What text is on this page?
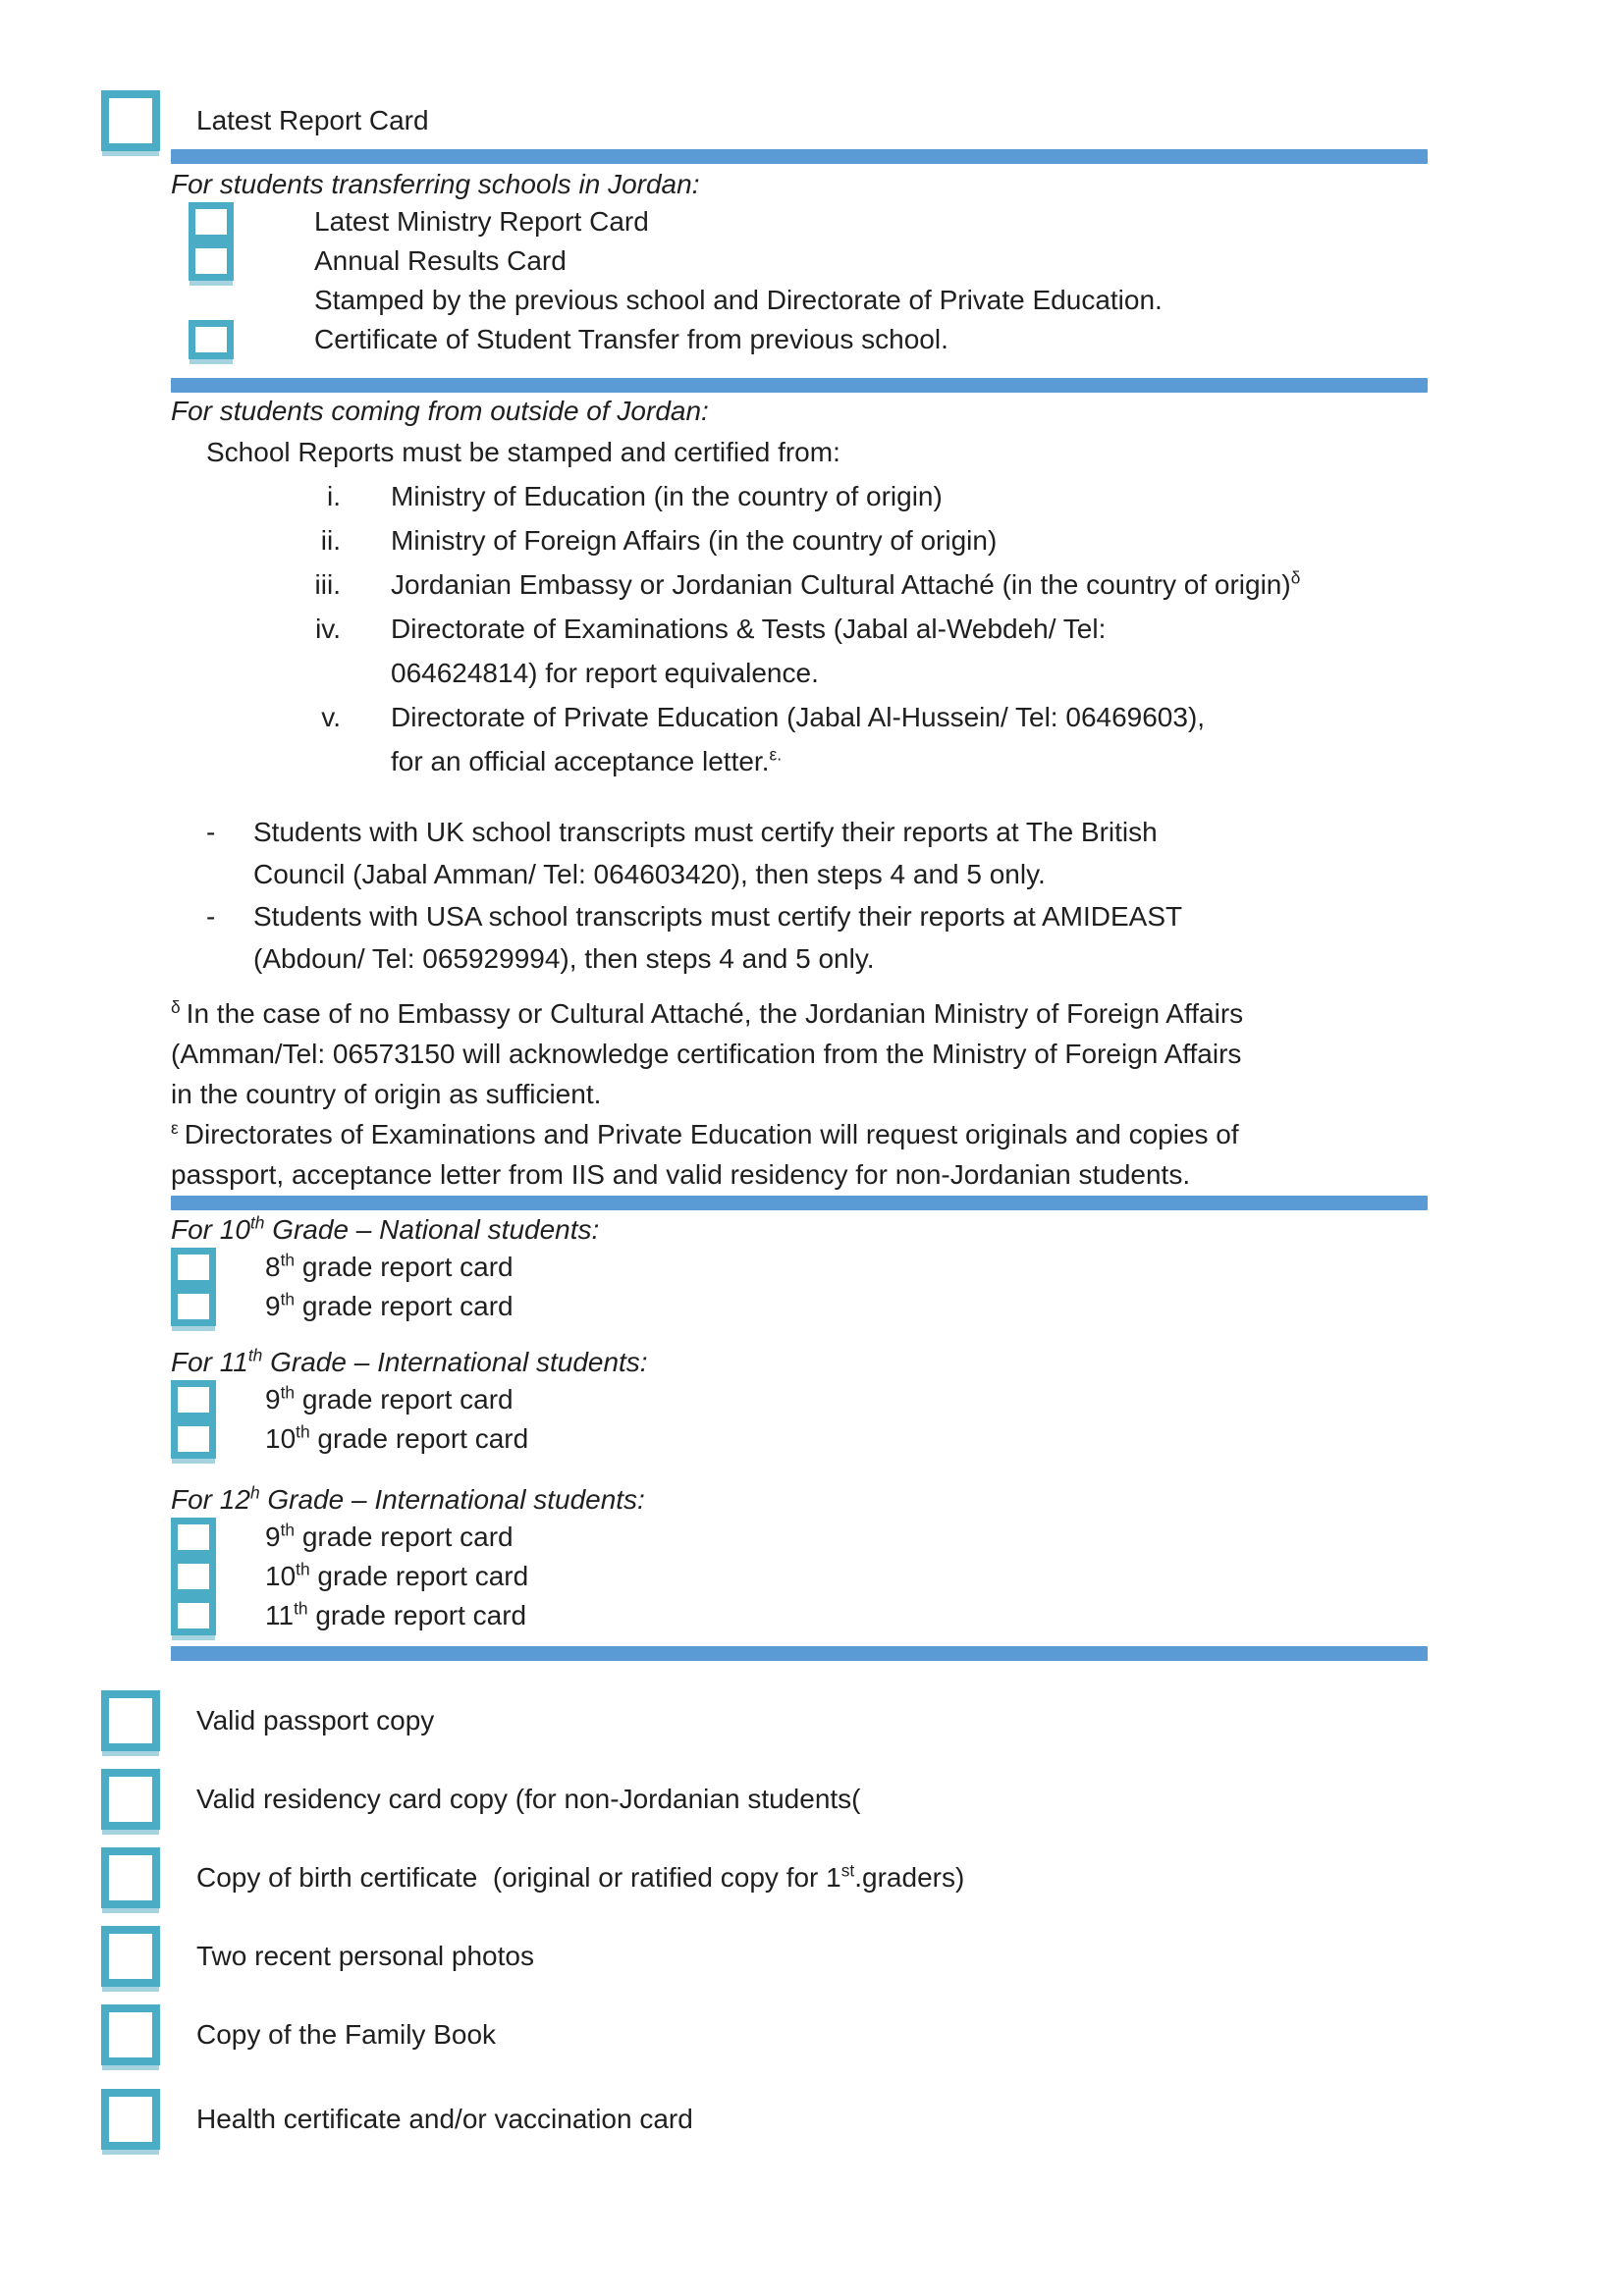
Latest Report Card
For students transferring schools in Jordan:
Latest Ministry Report Card
Annual Results Card
Stamped by the previous school and Directorate of Private Education.
Certificate of Student Transfer from previous school.
For students coming from outside of Jordan:
School Reports must be stamped and certified from:
i. Ministry of Education (in the country of origin)
ii. Ministry of Foreign Affairs (in the country of origin)
iii. Jordanian Embassy or Jordanian Cultural Attaché (in the country of origin)$^\delta$
iv. Directorate of Examinations & Tests (Jabal al-Webdeh/ Tel:
064624814) for report equivalence.
v. Directorate of Private Education (Jabal Al-Hussein/ Tel: 06469603),
for an official acceptance letter.$^{\varepsilon.}$
- Students with UK school transcripts must certify their reports at The British
Council (Jabal Amman/ Tel: 064603420), then steps 4 and 5 only.
- Students with USA school transcripts must certify their reports at AMIDEAST
(Abdoun/ Tel: 065929994), then steps 4 and 5 only.
$^\delta$ In the case of no Embassy or Cultural Attaché, the Jordanian Ministry of Foreign Affairs
(Amman/Tel: 06573150 will acknowledge certification from the Ministry of Foreign Affairs
in the country of origin as sufficient.
$^\varepsilon$ Directorates of Examinations and Private Education will request originals and copies of
passport, acceptance letter from IIS and valid residency for non-Jordanian students.
For 10th Grade – National students:
8th grade report card
9th grade report card
For 11th Grade – International students:
9th grade report card
10th grade report card
For 12$^h$ Grade – International students:
9th grade report card
10th grade report card
11th grade report card
Valid passport copy
Valid residency card copy (for non-Jordanian students(
Copy of birth certificate  (original or ratified copy for 1st.graders)
Two recent personal photos
Copy of the Family Book
Health certificate and/or vaccination card
